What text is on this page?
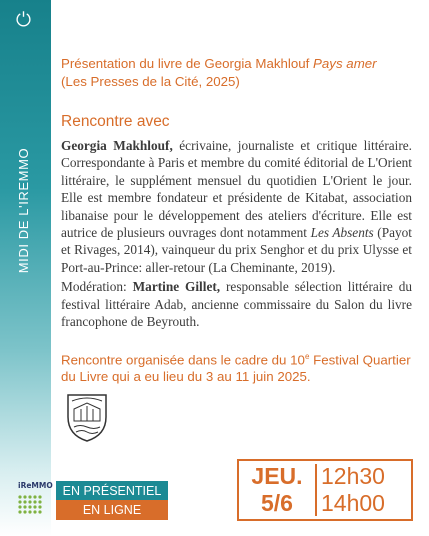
MIDI DE L'IREMMO
iReMMO
Présentation du livre de Georgia Makhlouf Pays amer
(Les Presses de la Cité, 2025)
Rencontre avec

Georgia Makhlouf, écrivaine, journaliste et critique littéraire. Correspondante à Paris et membre du comité éditorial de L'Orient littéraire, le supplément mensuel du quotidien L'Orient le jour. Elle est membre fondateur et présidente de Kitabat, association libanaise pour le développement des ateliers d'écriture. Elle est autrice de plusieurs ouvrages dont notamment Les Absents (Payot et Rivages, 2014), vainqueur du prix Senghor et du prix Ulysse et Port-au-Prince: aller-retour (La Cheminante, 2019).

Modération: Martine Gillet, responsable sélection littéraire du festival littéraire Adab, ancienne commissaire du Salon du livre francophone de Beyrouth.

Rencontre organisée dans le cadre du 10e Festival Quartier du Livre qui a eu lieu du 3 au 11 juin 2025.
EN PRÉSENTIEL
EN LIGNE
JEU.
5/6
12h30
14h00
